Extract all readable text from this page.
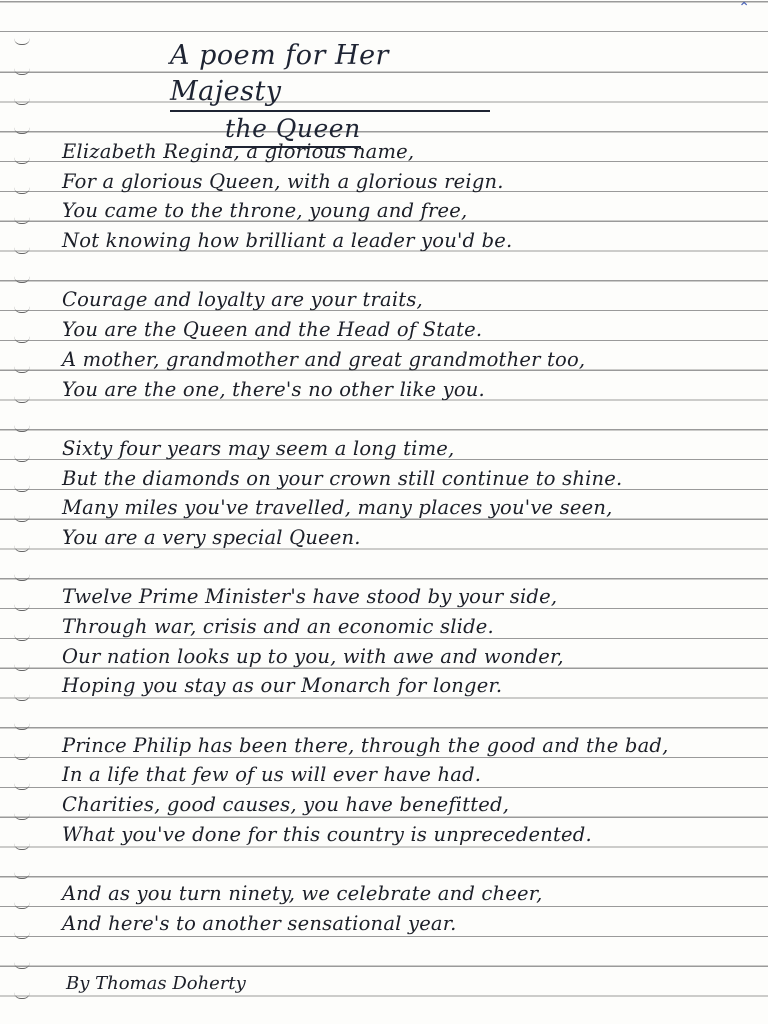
⌃
A poem for Her Majesty
the Queen
Elizabeth Regina, a glorious name,
For a glorious Queen, with a glorious reign.
You came to the throne, young and free,
Not knowing how brilliant a leader you'd be.
Courage and loyalty are your traits,
You are the Queen and the Head of State.
A mother, grandmother and great grandmother too,
You are the one, there's no other like you.
Sixty four years may seem a long time,
But the diamonds on your crown still continue to shine.
Many miles you've travelled, many places you've seen,
You are a very special Queen.
Twelve Prime Minister's have stood by your side,
Through war, crisis and an economic slide.
Our nation looks up to you, with awe and wonder,
Hoping you stay as our Monarch for longer.
Prince Philip has been there, through the good and the bad,
In a life that few of us will ever have had.
Charities, good causes, you have benefitted,
What you've done for this country is unprecedented.
And as you turn ninety, we celebrate and cheer,
And here's to another sensational year.
By Thomas Doherty
